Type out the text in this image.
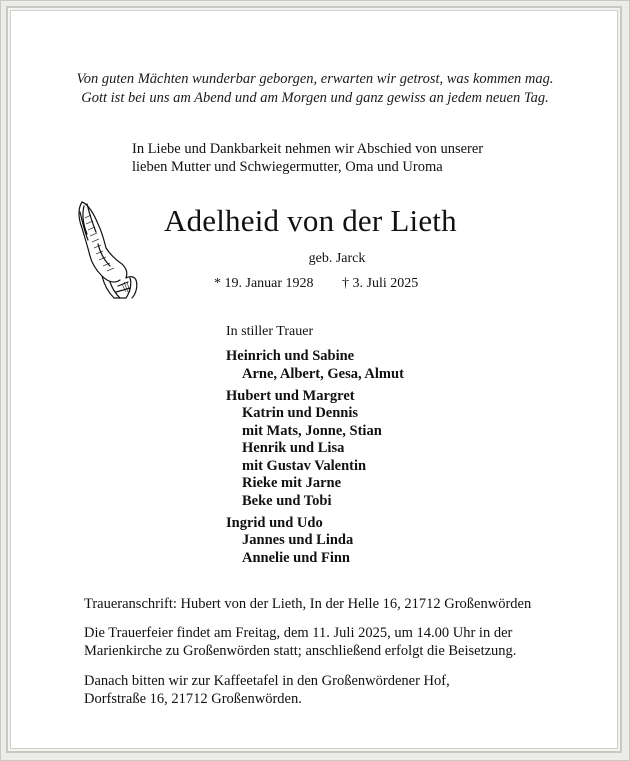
Von guten Mächten wunderbar geborgen, erwarten wir getrost, was kommen mag.
Gott ist bei uns am Abend und am Morgen und ganz gewiss an jedem neuen Tag.
In Liebe und Dankbarkeit nehmen wir Abschied von unserer
lieben Mutter und Schwiegermutter, Oma und Uroma
Adelheid von der Lieth
geb. Jarck
* 19. Januar 1928 † 3. Juli 2025
In stiller Trauer
Heinrich und Sabine
Arne, Albert, Gesa, Almut
Hubert und Margret
Katrin und Dennis
mit Mats, Jonne, Stian
Henrik und Lisa
mit Gustav Valentin
Rieke mit Jarne
Beke und Tobi
Ingrid und Udo
Jannes und Linda
Annelie und Finn
Traueranschrift: Hubert von der Lieth, In der Helle 16, 21712 Großenwörden
Die Trauerfeier findet am Freitag, dem 11. Juli 2025, um 14.00 Uhr in der
Marienkirche zu Großenwörden statt; anschließend erfolgt die Beisetzung.
Danach bitten wir zur Kaffeetafel in den Großenwördener Hof,
Dorfstraße 16, 21712 Großenwörden.
